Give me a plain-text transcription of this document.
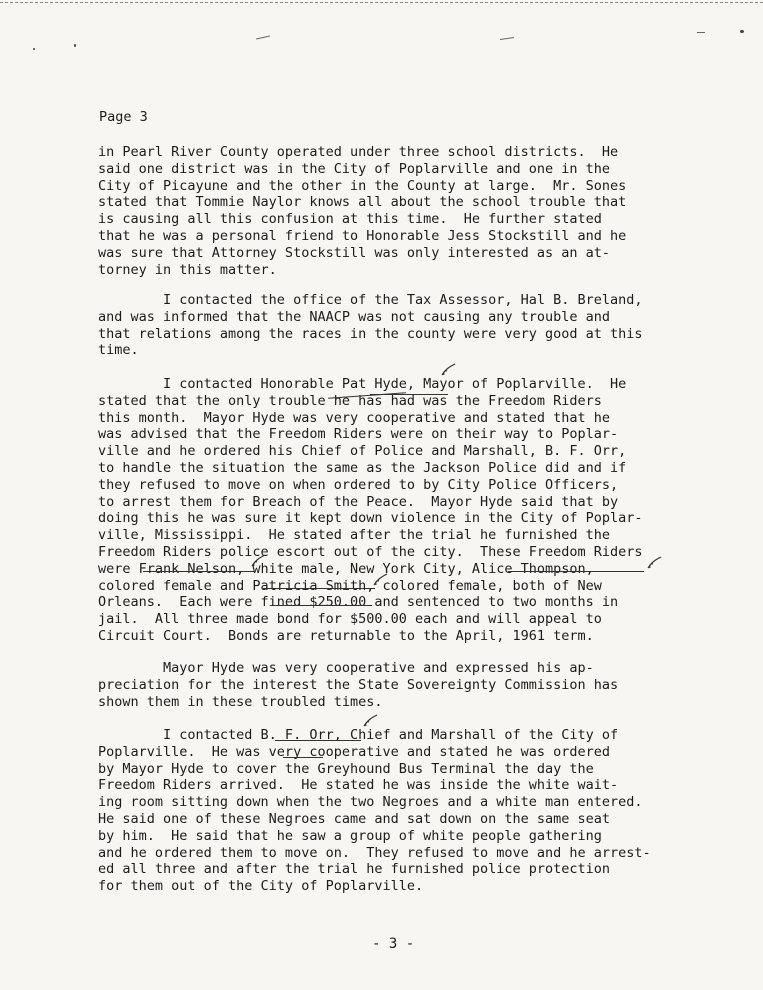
Page 3
in Pearl River County operated under three school districts.  He
said one district was in the City of Poplarville and one in the
City of Picayune and the other in the County at large.  Mr. Sones
stated that Tommie Naylor knows all about the school trouble that
is causing all this confusion at this time.  He further stated
that he was a personal friend to Honorable Jess Stockstill and he
was sure that Attorney Stockstill was only interested as an at-
torney in this matter.
I contacted the office of the Tax Assessor, Hal B. Breland,
and was informed that the NAACP was not causing any trouble and
that relations among the races in the county were very good at this
time.
I contacted Honorable Pat Hyde, Mayor of Poplarville.  He
stated that the only trouble he has had was the Freedom Riders
this month.  Mayor Hyde was very cooperative and stated that he
was advised that the Freedom Riders were on their way to Poplar-
ville and he ordered his Chief of Police and Marshall, B. F. Orr,
to handle the situation the same as the Jackson Police did and if
they refused to move on when ordered to by City Police Officers,
to arrest them for Breach of the Peace.  Mayor Hyde said that by
doing this he was sure it kept down violence in the City of Poplar-
ville, Mississippi.  He stated after the trial he furnished the
Freedom Riders police escort out of the city.  These Freedom Riders
were Frank Nelson, white male, New York City, Alice Thompson,
colored female and Patricia Smith, colored female, both of New
Orleans.  Each were fined $250.00 and sentenced to two months in
jail.  All three made bond for $500.00 each and will appeal to
Circuit Court.  Bonds are returnable to the April, 1961 term.
Mayor Hyde was very cooperative and expressed his ap-
preciation for the interest the State Sovereignty Commission has
shown them in these troubled times.
I contacted B. F. Orr, Chief and Marshall of the City of
Poplarville.  He was very cooperative and stated he was ordered
by Mayor Hyde to cover the Greyhound Bus Terminal the day the
Freedom Riders arrived.  He stated he was inside the white wait-
ing room sitting down when the two Negroes and a white man entered.
He said one of these Negroes came and sat down on the same seat
by him.  He said that he saw a group of white people gathering
and he ordered them to move on.  They refused to move and he arrest-
ed all three and after the trial he furnished police protection
for them out of the City of Poplarville.
- 3 -
